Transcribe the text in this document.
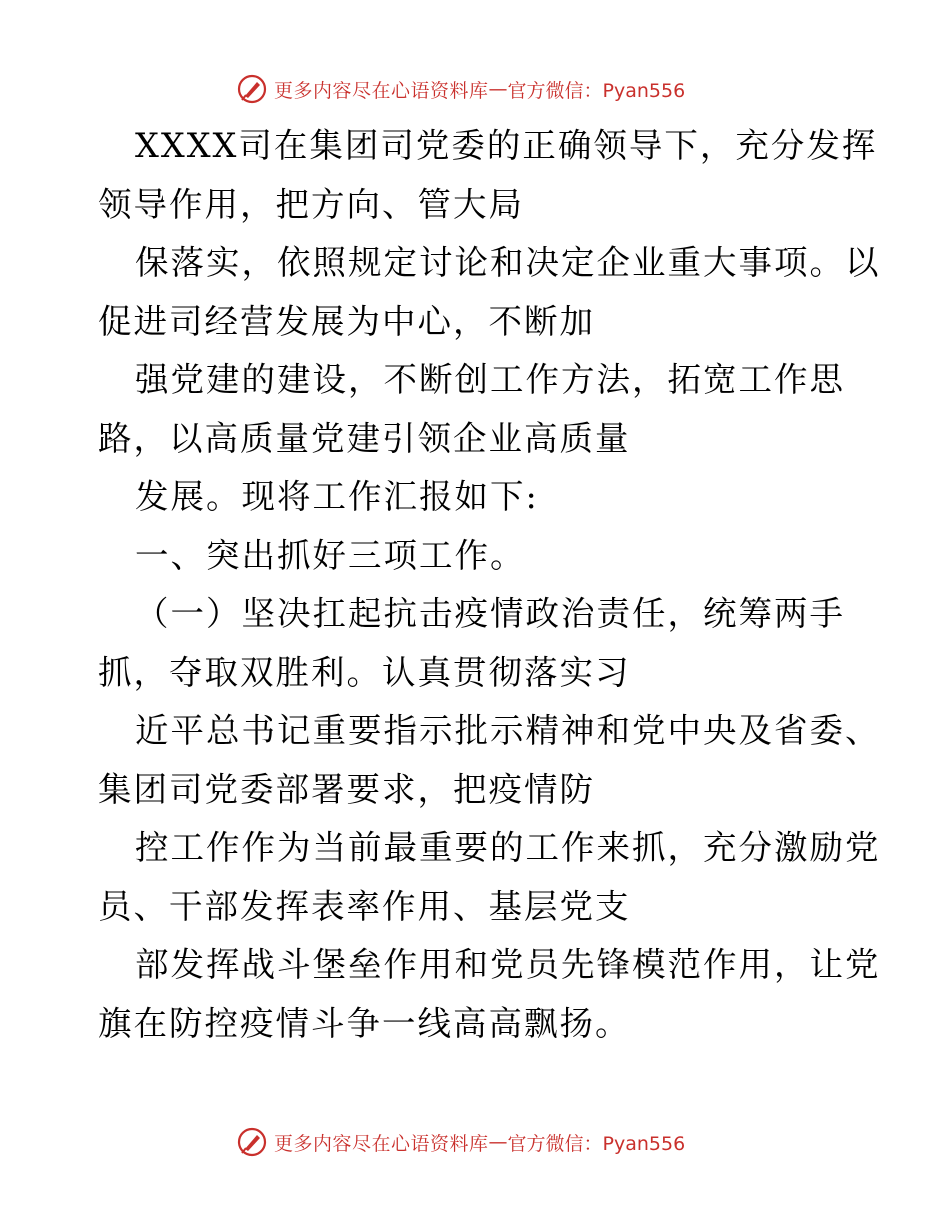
更多内容尽在心语资料库 — 官方微信：Pyan556
XXXX司在集团司党委的正确领导下，充分发挥
领导作用，把方向、管大局
保落实，依照规定讨论和决定企业重大事项。以
促进司经营发展为中心，不断加
强党建的建设，不断创工作方法，拓宽工作思
路，以高质量党建引领企业高质量
发展。现将工作汇报如下:
一、突出抓好三项工作。
（一）坚决扛起抗击疫情政治责任，统筹两手
抓，夺取双胜利。认真贯彻落实习
近平总书记重要指示批示精神和党中央及省委、
集团司党委部署要求，把疫情防
控工作作为当前最重要的工作来抓，充分激励党
员、干部发挥表率作用、基层党支
部发挥战斗堡垒作用和党员先锋模范作用，让党
旗在防控疫情斗争一线高高飘扬。
更多内容尽在心语资料库 — 官方微信：Pyan556
